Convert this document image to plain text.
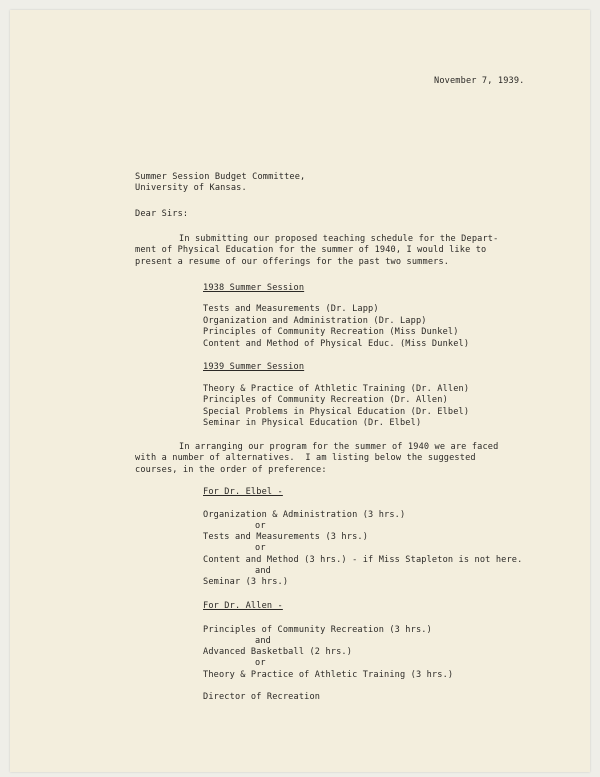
November 7, 1939.
Summer Session Budget Committee,
University of Kansas.
Dear Sirs:
In submitting our proposed teaching schedule for the Depart-
ment of Physical Education for the summer of 1940, I would like to
present a resume of our offerings for the past two summers.
1938 Summer Session
Tests and Measurements (Dr. Lapp)
Organization and Administration (Dr. Lapp)
Principles of Community Recreation (Miss Dunkel)
Content and Method of Physical Educ. (Miss Dunkel)
1939 Summer Session
Theory & Practice of Athletic Training (Dr. Allen)
Principles of Community Recreation (Dr. Allen)
Special Problems in Physical Education (Dr. Elbel)
Seminar in Physical Education (Dr. Elbel)
In arranging our program for the summer of 1940 we are faced
with a number of alternatives.  I am listing below the suggested
courses, in the order of preference:
For Dr. Elbel -
Organization & Administration (3 hrs.)
or
Tests and Measurements (3 hrs.)
or
Content and Method (3 hrs.) - if Miss Stapleton is not here.
and
Seminar (3 hrs.)
For Dr. Allen -
Principles of Community Recreation (3 hrs.)
and
Advanced Basketball (2 hrs.)
or
Theory & Practice of Athletic Training (3 hrs.)
Director of Recreation
